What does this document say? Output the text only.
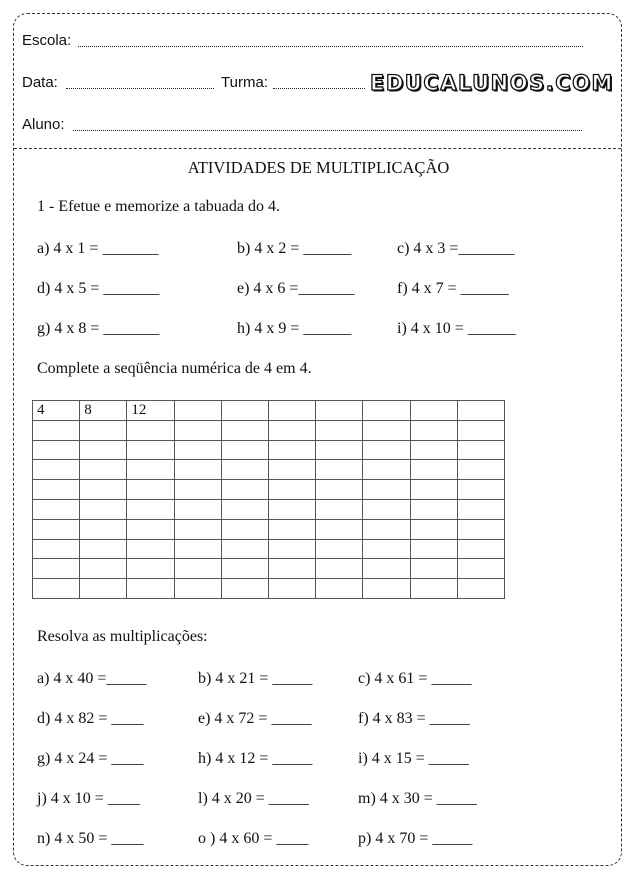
Escola:
Data:	Turma:	EDUCALUNOS.COM
Aluno:
ATIVIDADES DE MULTIPLICAÇÃO
1 - Efetue e memorize a tabuada do 4.
a) 4 x 1 = _______	b) 4 x 2 = ______	c) 4 x 3 =_______
d) 4 x 5 = _______	e) 4 x 6 =_______	f) 4 x 7 = ______
g) 4 x 8 = _______	h) 4 x 9 = ______	i) 4 x 10 = ______
Complete a seqüência numérica de 4 em 4.
4	8	12							

Resolva as multiplicações:
a) 4 x 40 =_____	b) 4 x 21 = _____	c) 4 x 61 = _____
d) 4 x 82 = ____	e) 4 x 72 = _____	f) 4 x 83 = _____
g) 4 x 24 = ____	h) 4 x 12 = _____	i) 4 x 15 = _____
j) 4 x 10 = ____	l) 4 x 20 = _____	m) 4 x 30 = _____
n) 4 x 50 = ____	o ) 4 x 60 = ____	p) 4 x 70 = _____
